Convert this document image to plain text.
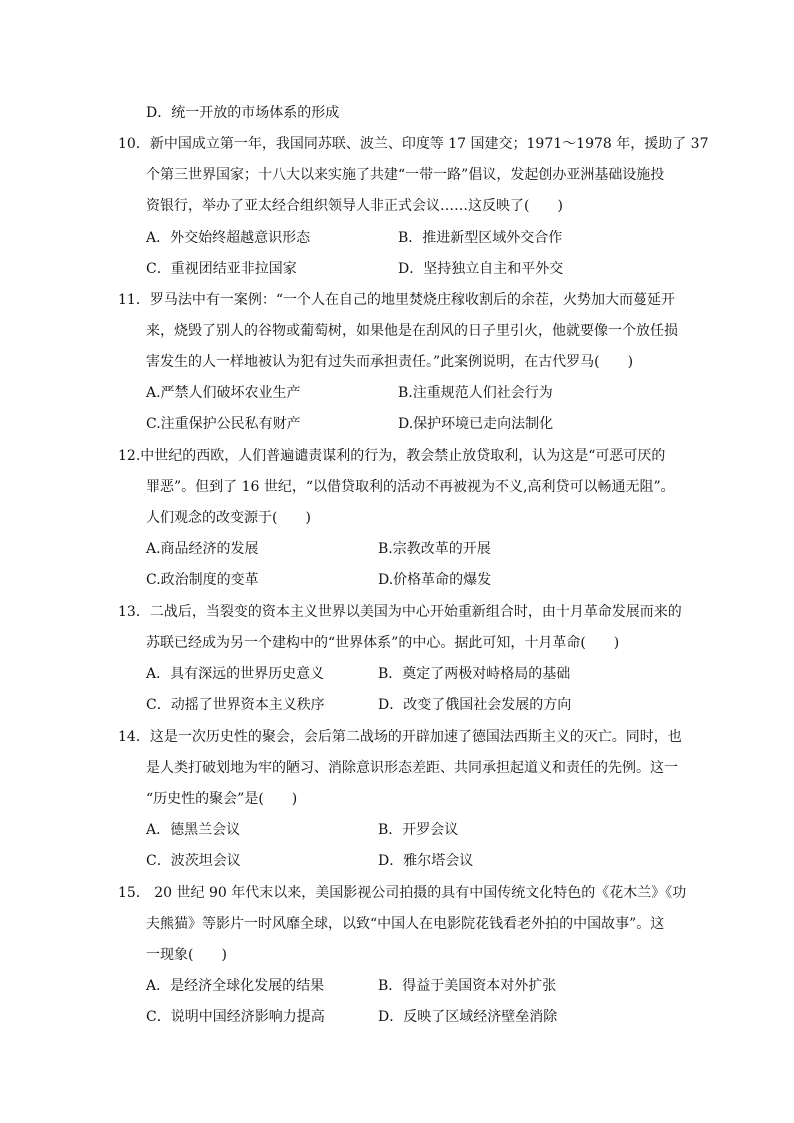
D．统一开放的市场体系的形成
10．新中国成立第一年，我国同苏联、波兰、印度等 17 国建交；1971～1978 年，援助了 37
个第三世界国家；十八大以来实施了共建“一带一路”倡议，发起创办亚洲基础设施投
资银行，举办了亚太经合组织领导人非正式会议……这反映了(　　)
A．外交始终超越意识形态	B．推进新型区域外交合作
C．重视团结亚非拉国家	D．坚持独立自主和平外交
11．罗马法中有一案例：“一个人在自己的地里焚烧庄稼收割后的余茬，火势加大而蔓延开
来，烧毁了别人的谷物或葡萄树，如果他是在刮风的日子里引火，他就要像一个放任损
害发生的人一样地被认为犯有过失而承担责任。”此案例说明，在古代罗马(　　)
A.严禁人们破坏农业生产	B.注重规范人们社会行为
C.注重保护公民私有财产	D.保护环境已走向法制化
12.中世纪的西欧，人们普遍谴责谋利的行为，教会禁止放贷取利，认为这是“可恶可厌的
罪恶”。但到了 16 世纪，“以借贷取利的活动不再被视为不义,高利贷可以畅通无阻”。
人们观念的改变源于(　　)
A.商品经济的发展	B.宗教改革的开展
C.政治制度的变革	D.价格革命的爆发
13．二战后，当裂变的资本主义世界以美国为中心开始重新组合时，由十月革命发展而来的
苏联已经成为另一个建构中的“世界体系”的中心。据此可知，十月革命(　　)
A．具有深远的世界历史意义	B．奠定了两极对峙格局的基础
C．动摇了世界资本主义秩序	D．改变了俄国社会发展的方向
14．这是一次历史性的聚会，会后第二战场的开辟加速了德国法西斯主义的灭亡。同时，也
是人类打破划地为牢的陋习、消除意识形态差距、共同承担起道义和责任的先例。这一
“历史性的聚会”是(　　)
A．德黑兰会议	B．开罗会议
C．波茨坦会议	D．雅尔塔会议
15． 20 世纪 90 年代末以来，美国影视公司拍摄的具有中国传统文化特色的《花木兰》《功
夫熊猫》等影片一时风靡全球，以致“中国人在电影院花钱看老外拍的中国故事”。这
一现象(　　)
A．是经济全球化发展的结果	B．得益于美国资本对外扩张
C．说明中国经济影响力提高	D．反映了区域经济壁垒消除
